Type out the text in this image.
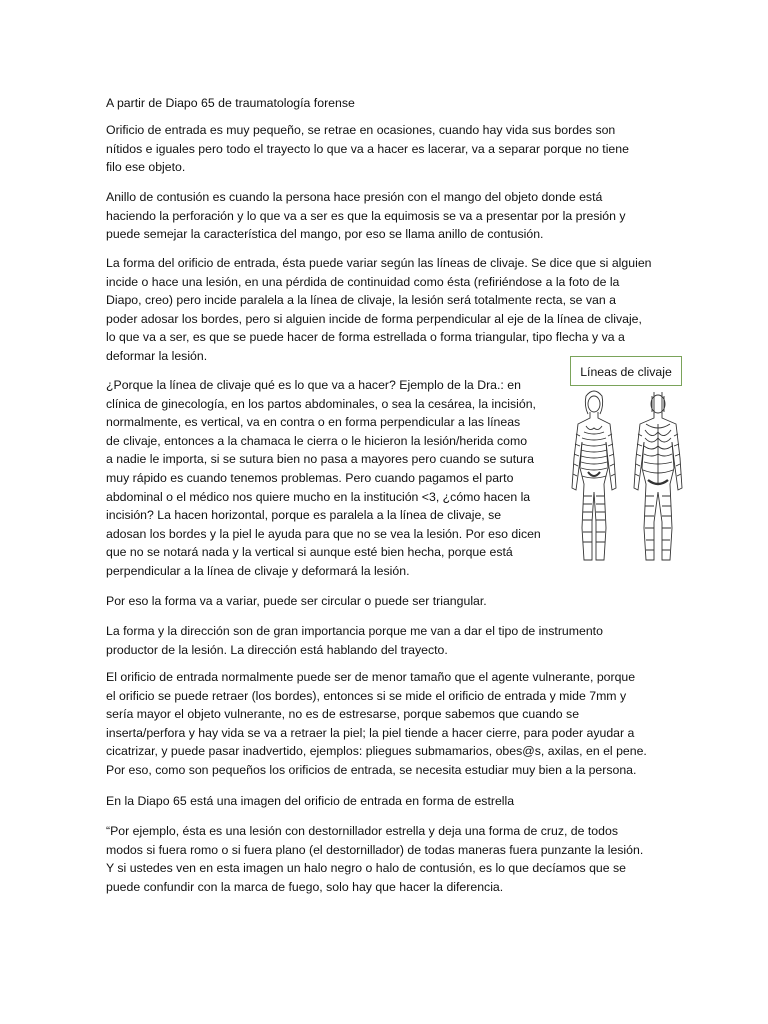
A partir de Diapo 65 de traumatología forense

Orificio de entrada es muy pequeño, se retrae en ocasiones, cuando hay vida sus bordes son
nítidos e iguales pero todo el trayecto lo que va a hacer es lacerar, va a separar porque no tiene
filo ese objeto.

Anillo de contusión es cuando la persona hace presión con el mango del objeto donde está
haciendo la perforación y lo que va a ser es que la equimosis se va a presentar por la presión y
puede semejar la característica del mango, por eso se llama anillo de contusión.

La forma del orificio de entrada, ésta puede variar según las líneas de clivaje. Se dice que si alguien
incide o hace una lesión, en una pérdida de continuidad como ésta (refiriéndose a la foto de la
Diapo, creo) pero incide paralela a la línea de clivaje, la lesión será totalmente recta, se van a
poder adosar los bordes, pero si alguien incide de forma perpendicular al eje de la línea de clivaje,
lo que va a ser, es que se puede hacer de forma estrellada o forma triangular, tipo flecha y va a
deformar la lesión.

¿Porque la línea de clivaje qué es lo que va a hacer? Ejemplo de la Dra.: en
clínica de ginecología, en los partos abdominales, o sea la cesárea, la incisión,
normalmente, es vertical, va en contra o en forma perpendicular a las líneas
de clivaje, entonces a la chamaca le cierra o le hicieron la lesión/herida como
a nadie le importa, si se sutura bien no pasa a mayores pero cuando se sutura
muy rápido es cuando tenemos problemas. Pero cuando pagamos el parto
abdominal o el médico nos quiere mucho en la institución <3, ¿cómo hacen la
incisión? La hacen horizontal, porque es paralela a la línea de clivaje, se
adosan los bordes y la piel le ayuda para que no se vea la lesión. Por eso dicen
que no se notará nada y la vertical si aunque esté bien hecha, porque está
perpendicular a la línea de clivaje y deformará la lesión.

Por eso la forma va a variar, puede ser circular o puede ser triangular.

La forma y la dirección son de gran importancia porque me van a dar el tipo de instrumento
productor de la lesión. La dirección está hablando del trayecto.

El orificio de entrada normalmente puede ser de menor tamaño que el agente vulnerante, porque
el orificio se puede retraer (los bordes), entonces si se mide el orificio de entrada y mide 7mm y
sería mayor el objeto vulnerante, no es de estresarse, porque sabemos que cuando se
inserta/perfora y hay vida se va a retraer la piel; la piel tiende a hacer cierre, para poder ayudar a
cicatrizar, y puede pasar inadvertido, ejemplos: pliegues submamarios, obes@s, axilas, en el pene.
Por eso, como son pequeños los orificios de entrada, se necesita estudiar muy bien a la persona.

En la Diapo 65 está una imagen del orificio de entrada en forma de estrella

“Por ejemplo, ésta es una lesión con destornillador estrella y deja una forma de cruz, de todos
modos si fuera romo o si fuera plano (el destornillador) de todas maneras fuera punzante la lesión.
Y si ustedes ven en esta imagen un halo negro o halo de contusión, es lo que decíamos que se
puede confundir con la marca de fuego, solo hay que hacer la diferencia.

Líneas de clivaje
